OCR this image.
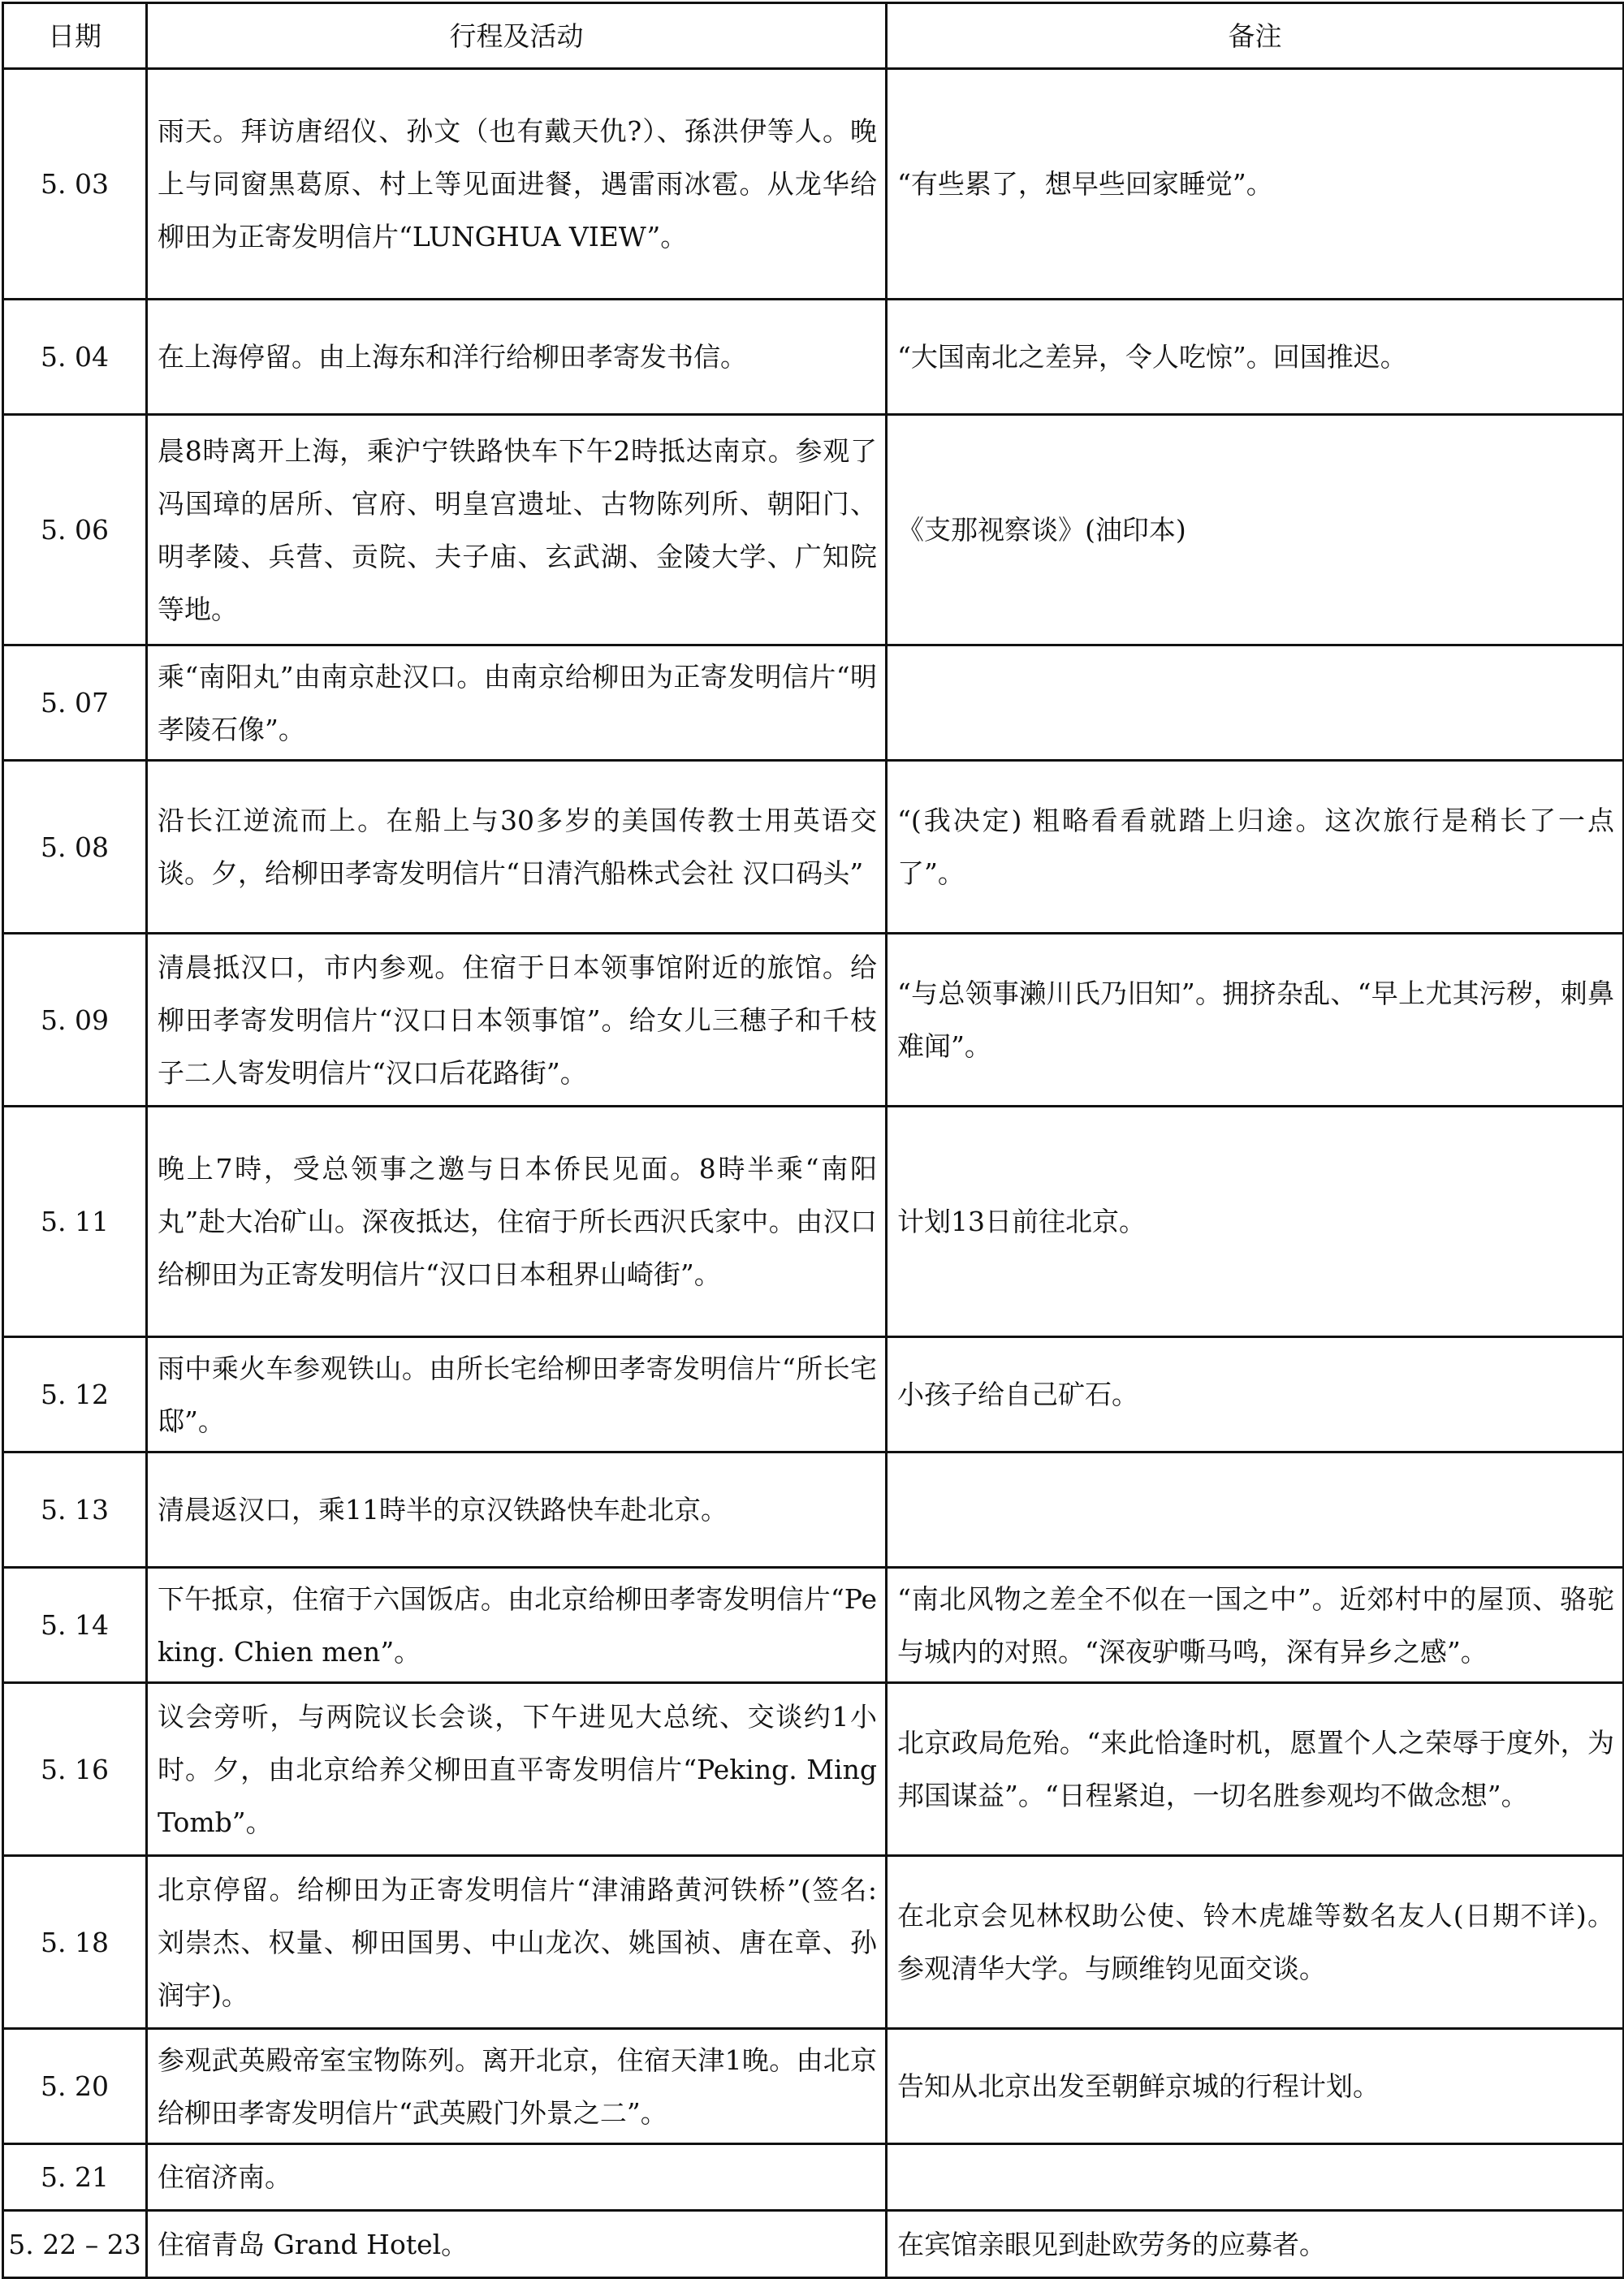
日期	行程及活动	备注
5. 03	雨天。拜访唐绍仪、孙文（也有戴天仇?）、孫洪伊等人。晚上与同窗黒葛原、村上等见面进餐，遇雷雨冰雹。从龙华给柳田为正寄发明信片“LUNGHUA VIEW”。	“有些累了，想早些回家睡觉”。
5. 04	在上海停留。由上海东和洋行给柳田孝寄发书信。	“大国南北之差异，令人吃惊”。回国推迟。
5. 06	晨8時离开上海，乘沪宁铁路快车下午2時抵达南京。参观了冯国璋的居所、官府、明皇宫遗址、古物陈列所、朝阳门、明孝陵、兵营、贡院、夫子庙、玄武湖、金陵大学、广知院等地。	《支那视察谈》(油印本)
5. 07	乘“南阳丸”由南京赴汉口。由南京给柳田为正寄发明信片“明孝陵石像”。	
5. 08	沿长江逆流而上。在船上与30多岁的美国传教士用英语交谈。夕，给柳田孝寄发明信片“日清汽船株式会社 汉口码头”	“(我决定) 粗略看看就踏上归途。这次旅行是稍长了一点了”。
5. 09	清晨抵汉口，市内参观。住宿于日本领事馆附近的旅馆。给柳田孝寄发明信片“汉口日本领事馆”。给女儿三穗子和千枝子二人寄发明信片“汉口后花路街”。	“与总领事濑川氏乃旧知”。拥挤杂乱、“早上尤其污秽，刺鼻难闻”。
5. 11	晚上7時，受总领事之邀与日本侨民见面。8時半乘“南阳丸”赴大冶矿山。深夜抵达，住宿于所长西沢氏家中。由汉口给柳田为正寄发明信片“汉口日本租界山崎街”。	计划13日前往北京。
5. 12	雨中乘火车参观铁山。由所长宅给柳田孝寄发明信片“所长宅邸”。	小孩子给自己矿石。
5. 13	清晨返汉口，乘11時半的京汉铁路快车赴北京。	
5. 14	下午抵京，住宿于六国饭店。由北京给柳田孝寄发明信片“Peking. Chien men”。	“南北风物之差全不似在一国之中”。近郊村中的屋顶、骆驼与城内的对照。“深夜驴嘶马鸣，深有异乡之感”。
5. 16	议会旁听，与两院议长会谈，下午进见大总统、交谈约1小时。夕，由北京给养父柳田直平寄发明信片“Peking. Ming Tomb”。	北京政局危殆。“来此恰逢时机，愿置个人之荣辱于度外，为邦国谋益”。“日程紧迫，一切名胜参观均不做念想”。
5. 18	北京停留。给柳田为正寄发明信片“津浦路黄河铁桥”(签名: 刘崇杰、权量、柳田国男、中山龙次、姚国祯、唐在章、孙润宇)。	在北京会见林权助公使、铃木虎雄等数名友人(日期不详)。参观清华大学。与顾维钧见面交谈。
5. 20	参观武英殿帝室宝物陈列。离开北京，住宿天津1晚。由北京给柳田孝寄发明信片“武英殿门外景之二”。	告知从北京出发至朝鲜京城的行程计划。
5. 21	住宿济南。	
5. 22 – 23	住宿青岛 Grand Hotel。	在宾馆亲眼见到赴欧劳务的应募者。
